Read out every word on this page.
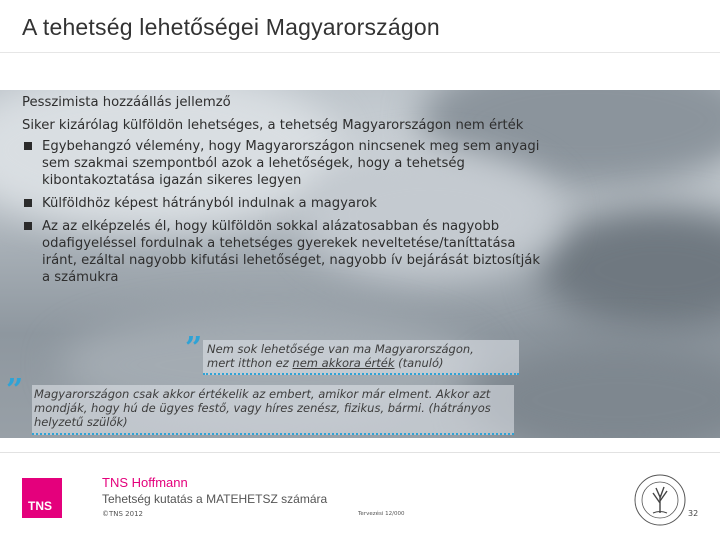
A tehetség lehetőségei Magyarországon

Pesszimista hozzáállás jellemző

Siker kizárólag külföldön lehetséges, a tehetség Magyarországon nem érték

Egybehangzó vélemény, hogy Magyarországon nincsenek meg sem anyagi sem szakmai szempontból azok a lehetőségek, hogy a tehetség kibontakoztatása igazán sikeres legyen
Külföldhöz képest hátrányból indulnak a magyarok
Az az elképzelés él, hogy külföldön sokkal alázatosabban és nagyobb odafigyeléssel fordulnak a tehetséges gyerekek neveltetése/taníttatása iránt, ezáltal nagyobb kifutási lehetőséget, nagyobb ív bejárását biztosítják a számukra
” Nem sok lehetősége van ma Magyarországon,
mert itthon ez nem akkora érték (tanuló)
” Magyarországon csak akkor értékelik az embert, amikor már elment. Akkor azt mondják, hogy hú de ügyes festő, vagy híres zenész, fizikus, bármi. (hátrányos helyzetű szülők)
TNS
TNS Hoffmann
Tehetség kutatás a MATEHETSZ számára
©TNS 2012	Tervezési 12/000	32
